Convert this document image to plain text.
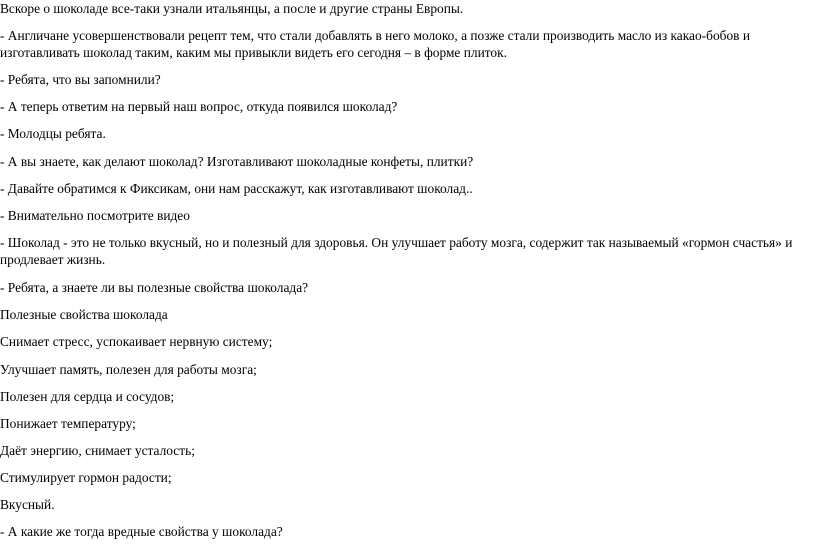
Вскоре о шоколаде все-таки узнали итальянцы, а после и другие страны Европы.

- Англичане усовершенствовали рецепт тем, что стали добавлять в него молоко, а позже стали производить масло из какао-бобов и изготавливать шоколад таким, каким мы привыкли видеть его сегодня – в форме плиток.

- Ребята, что вы запомнили?

- А теперь ответим на первый наш вопрос, откуда появился шоколад?

- Молодцы ребята.

- А вы знаете, как делают шоколад? Изготавливают шоколадные конфеты, плитки?

- Давайте обратимся к Фиксикам, они нам расскажут, как изготавливают шоколад..

- Внимательно посмотрите видео

- Шоколад - это не только вкусный, но и полезный для здоровья. Он улучшает работу мозга, содержит так называемый «гормон счастья» и продлевает жизнь.

- Ребята, а знаете ли вы полезные свойства шоколада?

Полезные свойства шоколада

Снимает стресс, успокаивает нервную систему;

Улучшает память, полезен для работы мозга;

Полезен для сердца и сосудов;

Понижает температуру;

Даёт энергию, снимает усталость;

Стимулирует гормон радости;

Вкусный.

- А какие же тогда вредные свойства у шоколада?
